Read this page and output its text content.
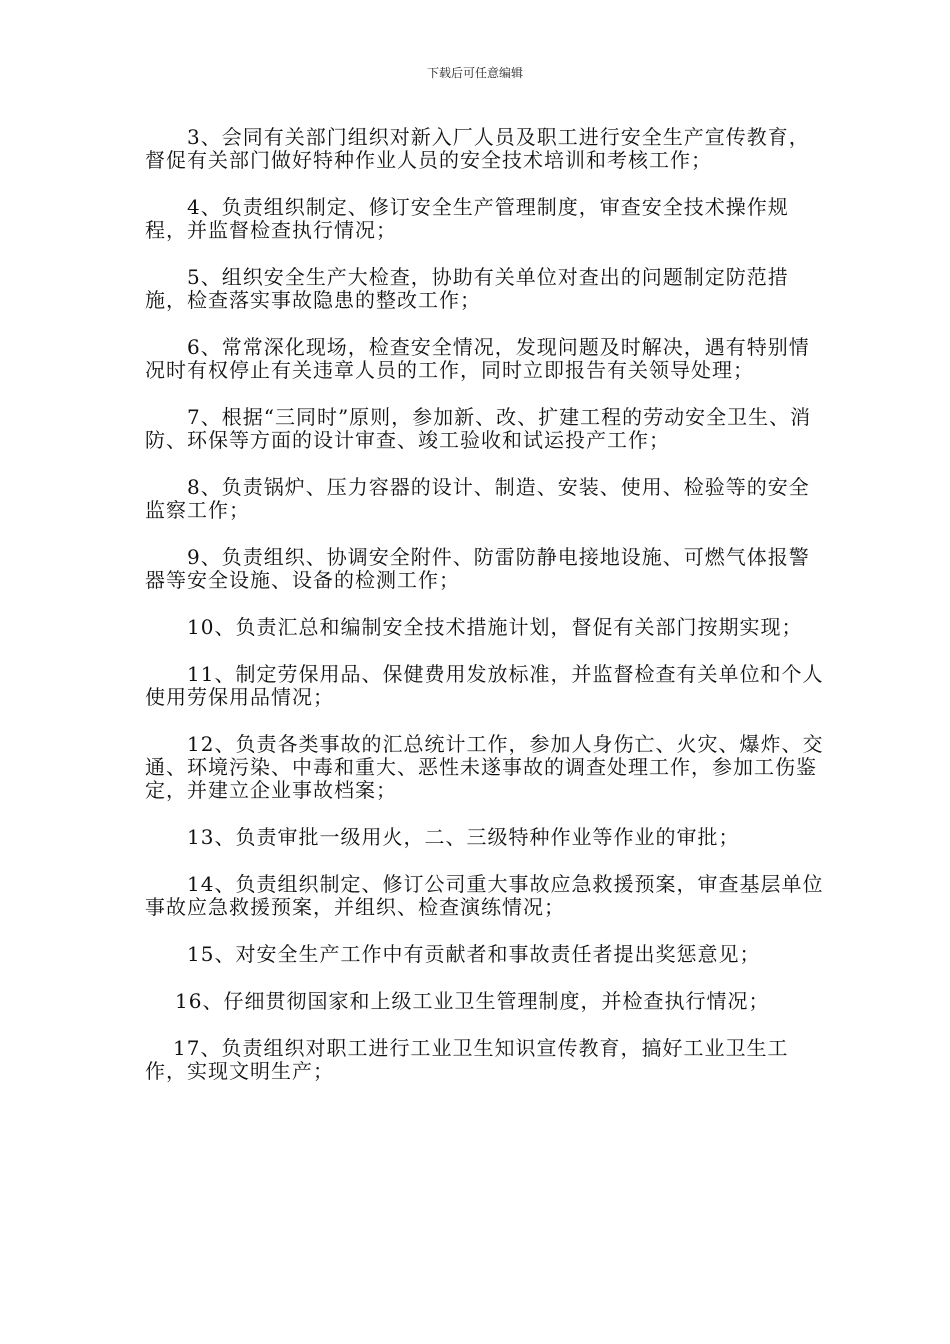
下载后可任意编辑

3、会同有关部门组织对新入厂人员及职工进行安全生产宣传教育，督促有关部门做好特种作业人员的安全技术培训和考核工作；

4、负责组织制定、修订安全生产管理制度，审查安全技术操作规程，并监督检查执行情况；

5、组织安全生产大检查，协助有关单位对查出的问题制定防范措施，检查落实事故隐患的整改工作；

6、常常深化现场，检查安全情况，发现问题及时解决，遇有特别情况时有权停止有关违章人员的工作，同时立即报告有关领导处理；

7、根据“三同时”原则，参加新、改、扩建工程的劳动安全卫生、消防、环保等方面的设计审查、竣工验收和试运投产工作；

8、负责锅炉、压力容器的设计、制造、安装、使用、检验等的安全监察工作；

9、负责组织、协调安全附件、防雷防静电接地设施、可燃气体报警器等安全设施、设备的检测工作；

10、负责汇总和编制安全技术措施计划，督促有关部门按期实现；

11、制定劳保用品、保健费用发放标准，并监督检查有关单位和个人使用劳保用品情况；

12、负责各类事故的汇总统计工作，参加人身伤亡、火灾、爆炸、交通、环境污染、中毒和重大、恶性未遂事故的调查处理工作，参加工伤鉴定，并建立企业事故档案；

13、负责审批一级用火，二、三级特种作业等作业的审批；

14、负责组织制定、修订公司重大事故应急救援预案，审查基层单位事故应急救援预案，并组织、检查演练情况；

15、对安全生产工作中有贡献者和事故责任者提出奖惩意见；

16、仔细贯彻国家和上级工业卫生管理制度，并检查执行情况；

17、负责组织对职工进行工业卫生知识宣传教育，搞好工业卫生工作，实现文明生产；
